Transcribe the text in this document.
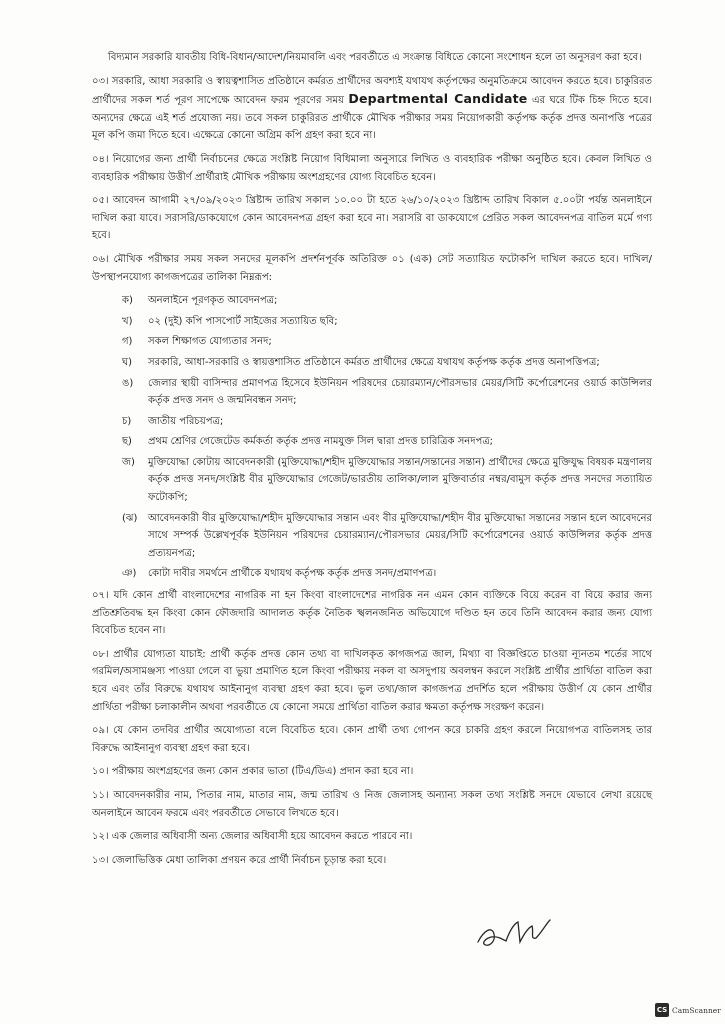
বিদ্যমান সরকারি যাবতীয় বিধি-বিধান/আদেশ/নিয়মাবলি এবং পরবর্তীতে এ সংক্রান্ত বিধিতে কোনো সংশোধন হলে তা অনুসরণ করা হবে।

০৩। সরকারি, আধা সরকারি ও স্বায়ত্বশাসিত প্রতিষ্ঠানে কর্মরত প্রার্থীদের অবশ্যই যথাযথ কর্তৃপক্ষের অনুমতিক্রমে আবেদন করতে হবে। চাকুরিরত প্রার্থীদের সকল শর্ত পূরণ সাপেক্ষে আবেদন ফরম পূরণের সময় Departmental Candidate এর ঘরে টিক চিহ্ন দিতে হবে। অন্যদের ক্ষেত্রে এই শর্ত প্রযোজ্য নয়। তবে সকল চাকুরিরত প্রার্থীকে মৌখিক পরীক্ষার সময় নিয়োগকারী কর্তৃপক্ষ কর্তৃক প্রদত্ত অনাপত্তি পত্রের মূল কপি জমা দিতে হবে। এক্ষেত্রে কোনো অগ্রিম কপি গ্রহণ করা হবে না।

০৪। নিয়োগের জন্য প্রার্থী নির্বাচনের ক্ষেত্রে সংশ্লিষ্ট নিয়োগ বিধিমালা অনুসারে লিখিত ও ব্যবহারিক পরীক্ষা অনুষ্ঠিত হবে। কেবল লিখিত ও ব্যবহারিক পরীক্ষায় উত্তীর্ণ প্রার্থীরাই মৌখিক পরীক্ষায় অংশগ্রহণের যোগ্য বিবেচিত হবেন।

০৫। আবেদন আগামী ২৭/০৯/২০২৩ খ্রিষ্টাব্দ তারিখ সকাল ১০.০০ টা হতে ২৬/১০/২০২৩ খ্রিষ্টাব্দ তারিখ বিকাল ৫.০০টা পর্যন্ত অনলাইনে দাখিল করা যাবে। সরাসরি/ডাকযোগে কোন আবেদনপত্র গ্রহণ করা হবে না। সরাসরি বা ডাকযোগে প্রেরিত সকল আবেদনপত্র বাতিল মর্মে গণ্য হবে।

০৬। মৌখিক পরীক্ষার সময় সকল সনদের মূলকপি প্রদর্শনপূর্বক অতিরিক্ত ০১ (এক) সেট সত্যায়িত ফটোকপি দাখিল করতে হবে। দাখিল/উপস্থাপনযোগ্য কাগজপত্রের তালিকা নিম্নরূপ:

ক) অনলাইনে পূরণকৃত আবেদনপত্র;
খ) ০২ (দুই) কপি পাসপোর্ট সাইজের সত্যায়িত ছবি;
গ) সকল শিক্ষাগত যোগ্যতার সনদ;
ঘ) সরকারি, আধা-সরকারি ও স্বায়ত্তশাসিত প্রতিষ্ঠানে কর্মরত প্রার্থীদের ক্ষেত্রে যথাযথ কর্তৃপক্ষ কর্তৃক প্রদত্ত অনাপত্তিপত্র;
ঙ) জেলার স্থায়ী বাসিন্দার প্রমাণপত্র হিসেবে ইউনিয়ন পরিষদের চেয়ারম্যান/পৌরসভার মেয়র/সিটি কর্পোরেশনের ওয়ার্ড কাউন্সিলর কর্তৃক প্রদত্ত সনদ ও জন্মনিবন্ধন সনদ;
চ) জাতীয় পরিচয়পত্র;
ছ) প্রথম শ্রেণির গেজেটেড কর্মকর্তা কর্তৃক প্রদত্ত নামযুক্ত সিল দ্বারা প্রদত্ত চারিত্রিক সনদপত্র;
জ) মুক্তিযোদ্ধা কোটায় আবেদনকারী (মুক্তিযোদ্ধা/শহীদ মুক্তিযোদ্ধার সন্তান/সন্তানের সন্তান) প্রার্থীদের ক্ষেত্রে মুক্তিযুদ্ধ বিষয়ক মন্ত্রণালয় কর্তৃক প্রদত্ত সনদ/সংশ্লিষ্ট বীর মুক্তিযোদ্ধার গেজেট/ভারতীয় তালিকা/লাল মুক্তিবার্তার নম্বর/বামুস কর্তৃক প্রদত্ত সনদের সত্যায়িত ফটোকপি;
(ঝ) আবেদনকারী বীর মুক্তিযোদ্ধা/শহীদ মুক্তিযোদ্ধার সন্তান এবং বীর মুক্তিযোদ্ধা/শহীদ বীর মুক্তিযোদ্ধা সন্তানের সন্তান হলে আবেদনের সাথে সম্পর্ক উল্লেখপূর্বক ইউনিয়ন পরিষদের চেয়ারম্যান/পৌরসভার মেয়র/সিটি কর্পোরেশনের ওয়ার্ড কাউন্সিলর কর্তৃক প্রদত্ত প্রত্যয়নপত্র;
ঞ) কোটা দাবীর সমর্থনে প্রার্থীকে যথাযথ কর্তৃপক্ষ কর্তৃক প্রদত্ত সনদ/প্রমাণপত্র।

০৭। যদি কোন প্রার্থী বাংলাদেশের নাগরিক না হন কিংবা বাংলাদেশের নাগরিক নন এমন কোন ব্যক্তিকে বিয়ে করেন বা বিয়ে করার জন্য প্রতিশ্রুতিবদ্ধ হন কিংবা কোন ফৌজদারি আদালত কর্তৃক নৈতিক স্খলনজনিত অভিযোগে দণ্ডিত হন তবে তিনি আবেদন করার জন্য যোগ্য বিবেচিত হবেন না।

০৮। প্রার্থীর যোগ্যতা যাচাই: প্রার্থী কর্তৃক প্রদত্ত কোন তথ্য বা দাখিলকৃত কাগজপত্র জাল, মিথ্যা বা বিজ্ঞপ্তিতে চাওয়া ন্যূনতম শর্তের সাথে গরমিল/অসামঞ্জস্য পাওয়া গেলে বা ভুয়া প্রমাণিত হলে কিংবা পরীক্ষায় নকল বা অসদুপায় অবলম্বন করলে সংশ্লিষ্ট প্রার্থীর প্রার্থিতা বাতিল করা হবে এবং তাঁর বিরুদ্ধে যথাযথ আইনানুগ ব্যবস্থা গ্রহণ করা হবে। ভুল তথ্য/জাল কাগজপত্র প্রদর্শিত হলে পরীক্ষায় উত্তীর্ণ যে কোন প্রার্থীর প্রার্থিতা পরীক্ষা চলাকালীন অথবা পরবর্তীতে যে কোনো সময়ে প্রার্থিতা বাতিল করার ক্ষমতা কর্তৃপক্ষ সংরক্ষণ করেন।

০৯। যে কোন তদবির প্রার্থীর অযোগ্যতা বলে বিবেচিত হবে। কোন প্রার্থী তথ্য গোপন করে চাকরি গ্রহণ করলে নিয়োগপত্র বাতিলসহ তার বিরুদ্ধে আইনানুগ ব্যবস্থা গ্রহণ করা হবে।

১০। পরীক্ষায় অংশগ্রহণের জন্য কোন প্রকার ভাতা (টিএ/ডিএ) প্রদান করা হবে না।

১১। আবেদনকারীর নাম, পিতার নাম, মাতার নাম, জন্ম তারিখ ও নিজ জেলাসহ অন্যান্য সকল তথ্য সংশ্লিষ্ট সনদে যেভাবে লেখা রয়েছে অনলাইনে আবেন ফরমে এবং পরবর্তীতে সেভাবে লিখতে হবে।

১২। এক জেলার অধিবাসী অন্য জেলার অধিবাসী হয়ে আবেদন করতে পারবে না।

১৩। জেলাভিত্তিক মেধা তালিকা প্রণয়ন করে প্রার্থী নির্বাচন চূড়ান্ত করা হবে।

CS CamScanner
